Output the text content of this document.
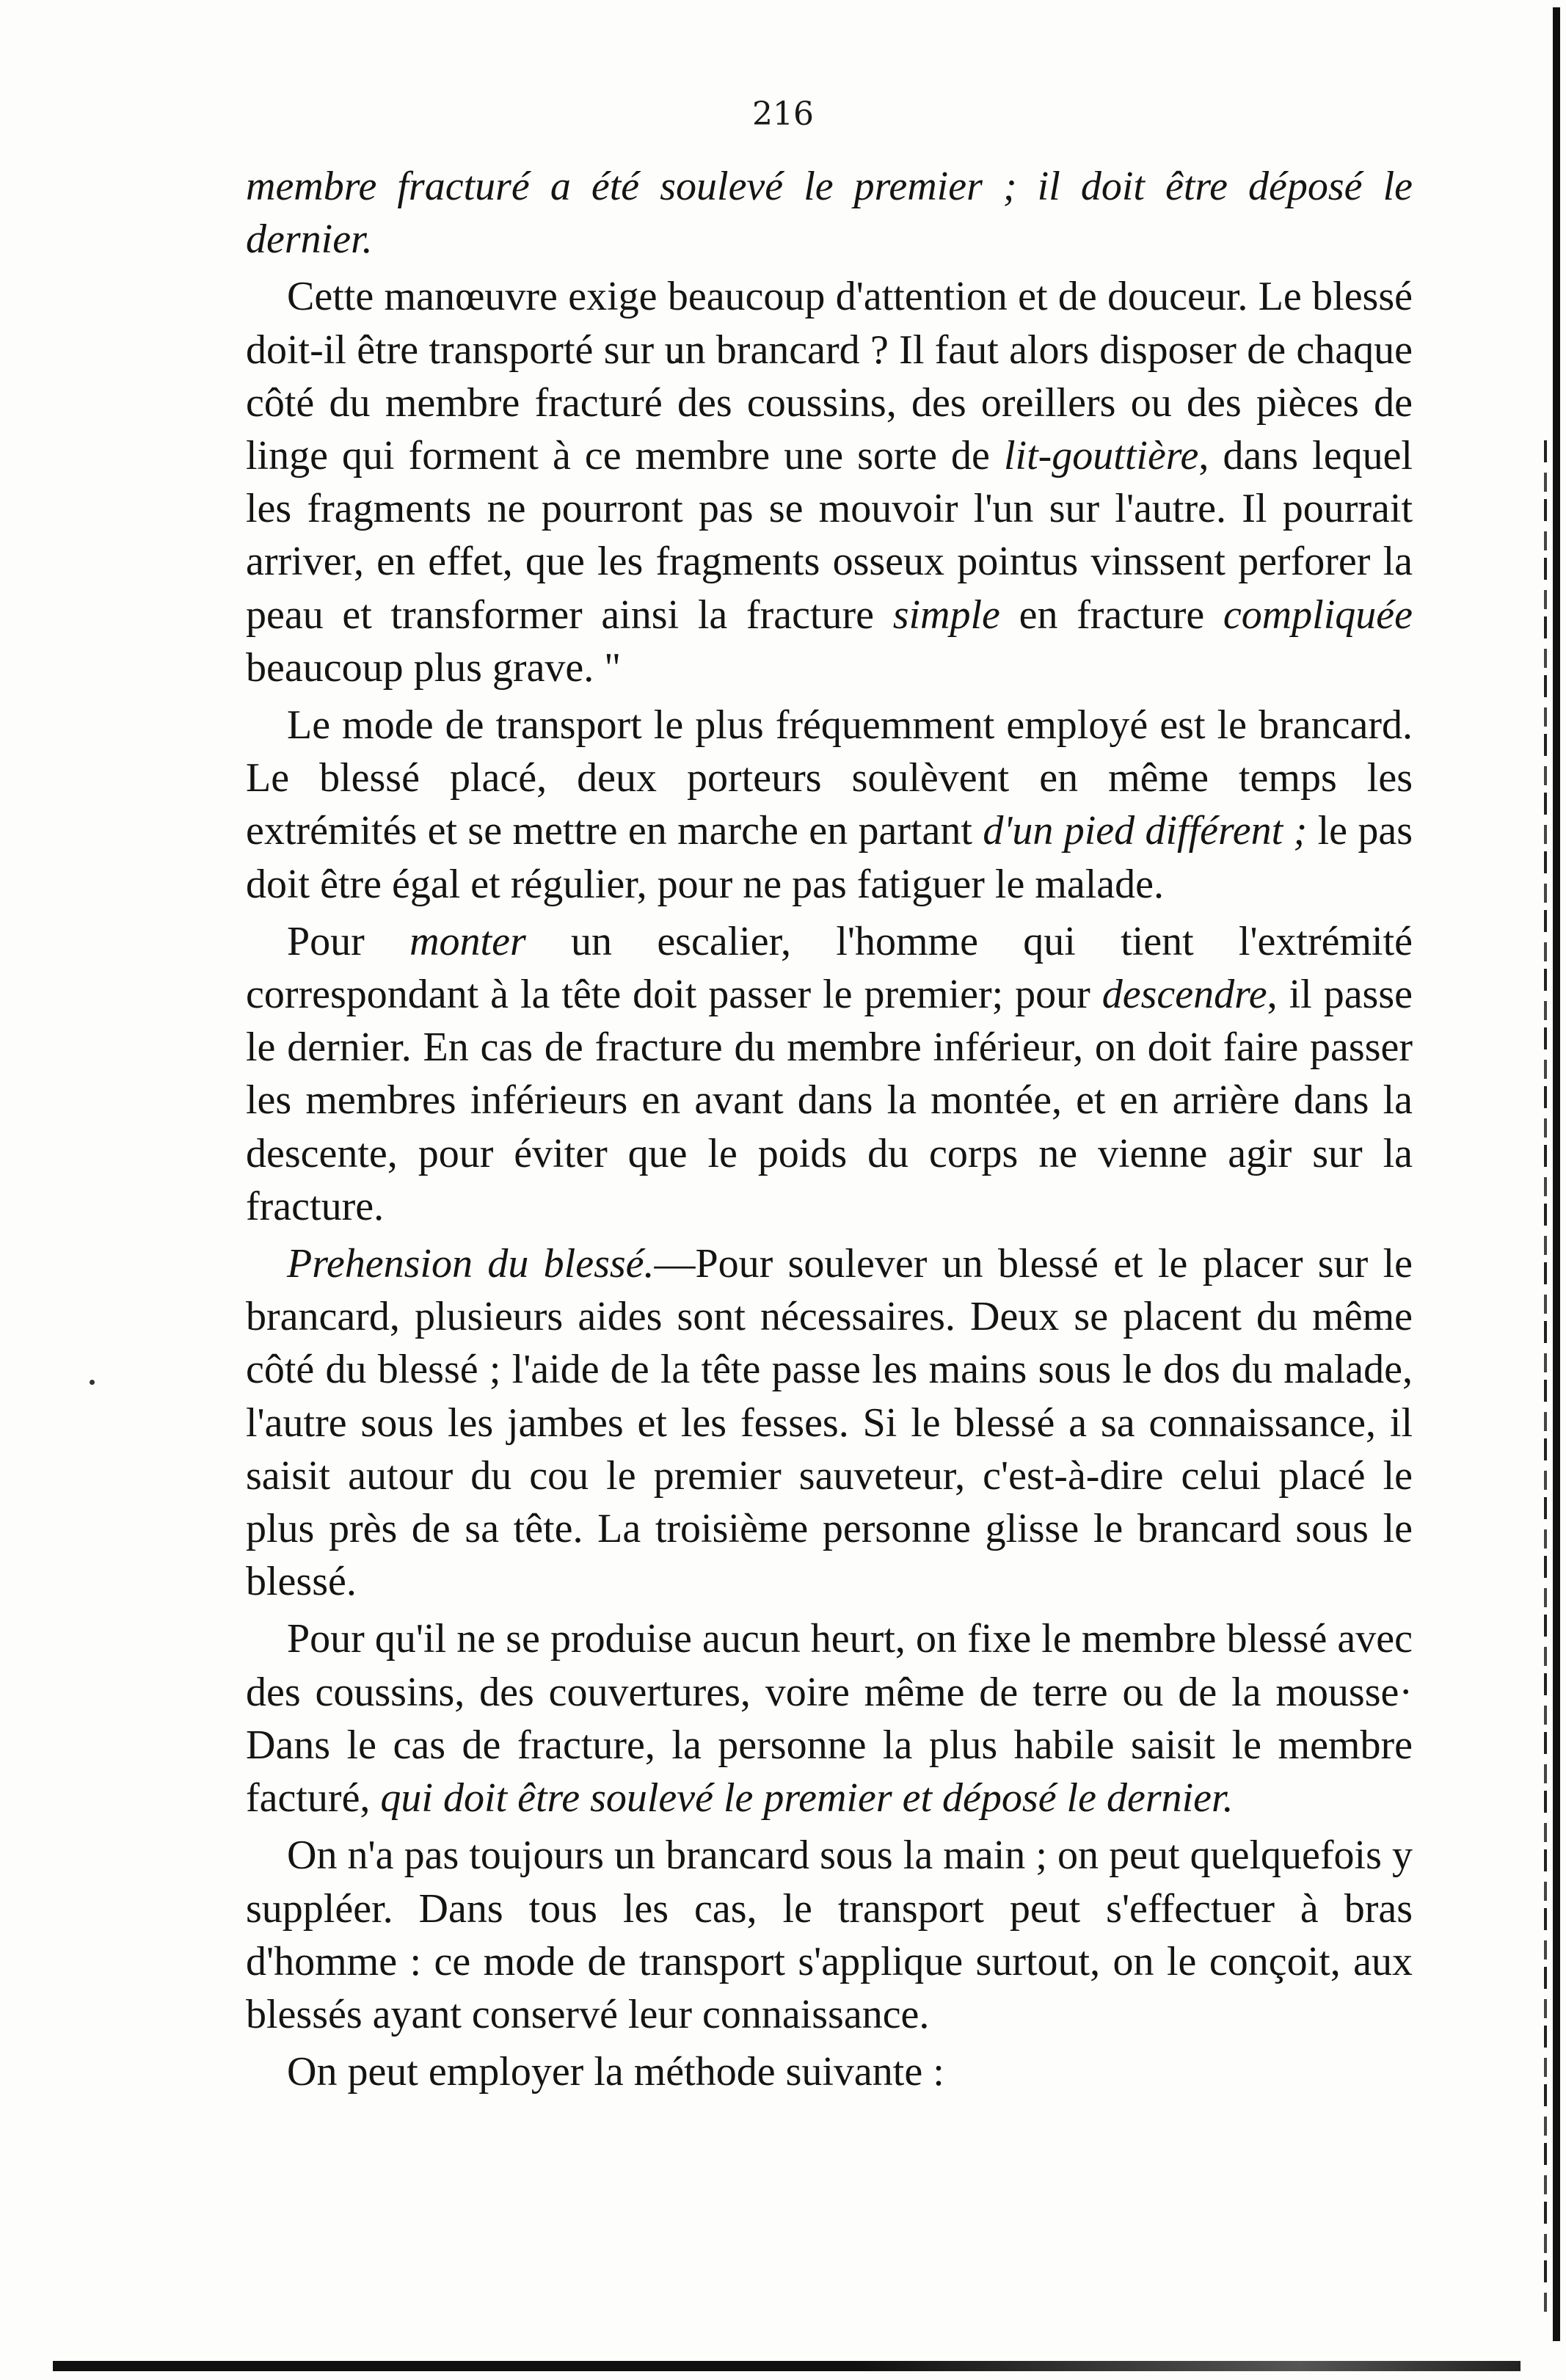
216

membre fracturé a été soulevé le premier ; il doit être déposé le dernier.

Cette manœuvre exige beaucoup d'attention et de douceur. Le blessé doit-il être transporté sur un brancard ? Il faut alors disposer de chaque côté du membre fracturé des coussins, des oreillers ou des pièces de linge qui forment à ce membre une sorte de lit-gouttière, dans lequel les fragments ne pourront pas se mouvoir l'un sur l'autre. Il pourrait arriver, en effet, que les fragments osseux pointus vinssent perforer la peau et transformer ainsi la fracture simple en fracture compliquée beaucoup plus grave. "

Le mode de transport le plus fréquemment employé est le brancard. Le blessé placé, deux porteurs soulèvent en même temps les extrémités et se mettre en marche en partant d'un pied différent ; le pas doit être égal et régulier, pour ne pas fatiguer le malade.

Pour monter un escalier, l'homme qui tient l'extrémité correspondant à la tête doit passer le premier; pour descendre, il passe le dernier. En cas de fracture du membre inférieur, on doit faire passer les membres inférieurs en avant dans la montée, et en arrière dans la descente, pour éviter que le poids du corps ne vienne agir sur la fracture.

Prehension du blessé.—Pour soulever un blessé et le placer sur le brancard, plusieurs aides sont nécessaires. Deux se placent du même côté du blessé ; l'aide de la tête passe les mains sous le dos du malade, l'autre sous les jambes et les fesses. Si le blessé a sa connaissance, il saisit autour du cou le premier sauveteur, c'est-à-dire celui placé le plus près de sa tête. La troisième personne glisse le brancard sous le blessé.

Pour qu'il ne se produise aucun heurt, on fixe le membre blessé avec des coussins, des couvertures, voire même de terre ou de la mousse· Dans le cas de fracture, la personne la plus habile saisit le membre facturé, qui doit être soulevé le premier et déposé le dernier.

On n'a pas toujours un brancard sous la main ; on peut quelquefois y suppléer. Dans tous les cas, le transport peut s'effectuer à bras d'homme : ce mode de transport s'applique surtout, on le conçoit, aux blessés ayant conservé leur connaissance.

On peut employer la méthode suivante :
